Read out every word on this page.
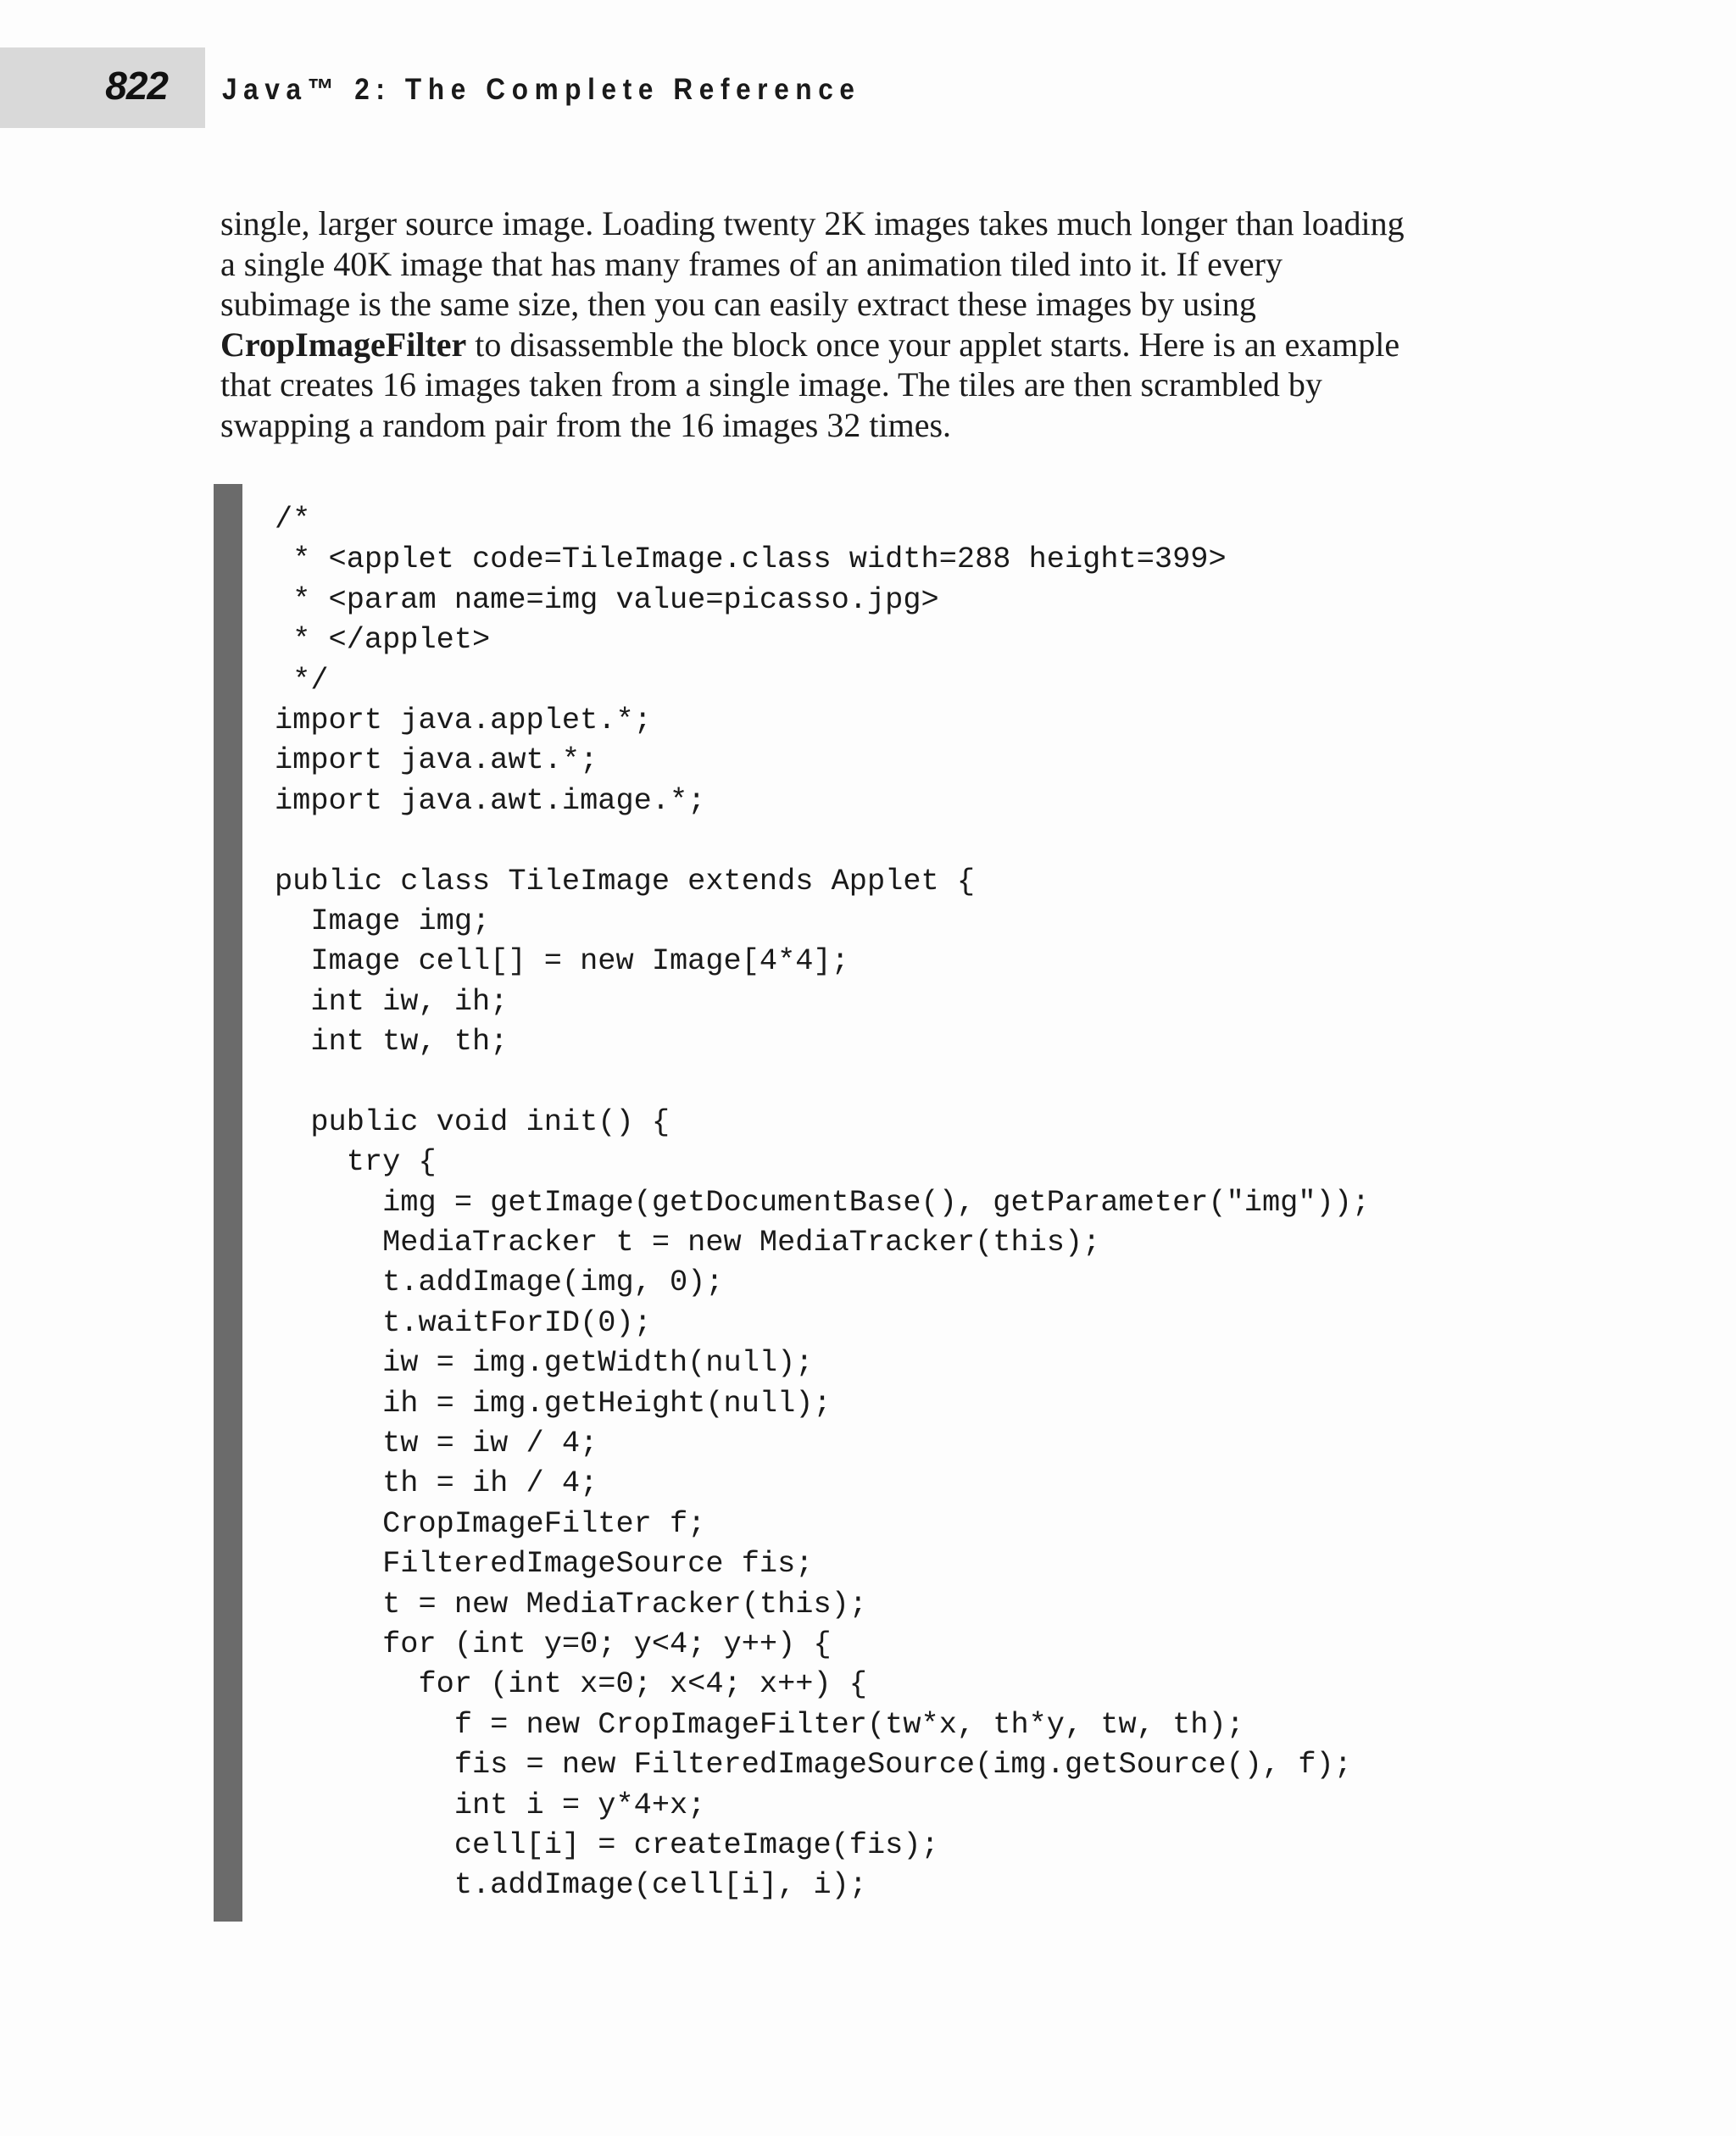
822 Java™ 2: The Complete Reference
single, larger source image. Loading twenty 2K images takes much longer than loading
a single 40K image that has many frames of an animation tiled into it. If every
subimage is the same size, then you can easily extract these images by using
CropImageFilter to disassemble the block once your applet starts. Here is an example
that creates 16 images taken from a single image. The tiles are then scrambled by
swapping a random pair from the 16 images 32 times.
/*
* <applet code=TileImage.class width=288 height=399>
* <param name=img value=picasso.jpg>
* </applet>
*/
import java.applet.*;
import java.awt.*;
import java.awt.image.*;
public class TileImage extends Applet {
Image img;
Image cell[] = new Image[4*4];
int iw, ih;
int tw, th;
public void init() {
try {
img = getImage(getDocumentBase(), getParameter("img"));
MediaTracker t = new MediaTracker(this);
t.addImage(img, 0);
t.waitForID(0);
iw = img.getWidth(null);
ih = img.getHeight(null);
tw = iw / 4;
th = ih / 4;
CropImageFilter f;
FilteredImageSource fis;
t = new MediaTracker(this);
for (int y=0; y<4; y++) {
for (int x=0; x<4; x++) {
f = new CropImageFilter(tw*x, th*y, tw, th);
fis = new FilteredImageSource(img.getSource(), f);
int i = y*4+x;
cell[i] = createImage(fis);
t.addImage(cell[i], i);
